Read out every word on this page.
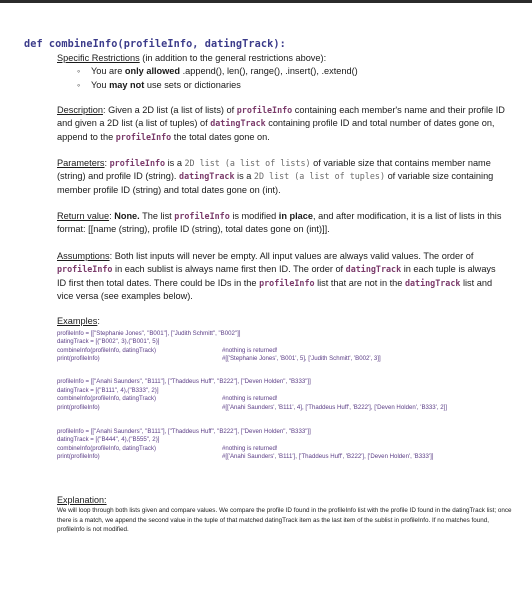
def combineInfo(profileInfo, datingTrack):
Specific Restrictions (in addition to the general restrictions above):
◦ You are only allowed .append(), len(), range(), .insert(), .extend()
◦ You may not use sets or dictionaries
Description: Given a 2D list (a list of lists) of profileInfo containing each member's name and their profile ID and given a 2D list (a list of tuples) of datingTrack containing profile ID and total number of dates gone on, append to the profileInfo the total dates gone on.
Parameters: profileInfo is a 2D list (a list of lists) of variable size that contains member name (string) and profile ID (string). datingTrack is a 2D list (a list of tuples) of variable size containing member profile ID (string) and total dates gone on (int).
Return value: None. The list profileInfo is modified in place, and after modification, it is a list of lists in this format: [[name (string), profile ID (string), total dates gone on (int)]].
Assumptions: Both list inputs will never be empty. All input values are always valid values. The order of profileInfo in each sublist is always name first then ID. The order of datingTrack in each tuple is always ID first then total dates. There could be IDs in the profileInfo list that are not in the datingTrack list and vice versa (see examples below).
Examples:
profileInfo = [["Stephanie Jones", "B001"], ["Judith Schmitt", "B002"]]
datingTrack = [("B002", 3),("B001", 5)]
combineInfo(profileInfo, datingTrack)
print(profileInfo)
#nothing is returned!
#[['Stephanie Jones', 'B001', 5], ['Judith Schmitt', 'B002', 3]]
profileInfo = [["Anahi Saunders", "B111"], ["Thaddeus Huff", "B222"], ["Deven Holden", "B333"]]
datingTrack = [("B111", 4),("B333", 2)]
combineInfo(profileInfo, datingTrack)
print(profileInfo)
#nothing is returned!
#[['Anahi Saunders', 'B111', 4], ['Thaddeus Huff', 'B222'], ['Deven Holden', 'B333', 2]]
profileInfo = [["Anahi Saunders", "B111"], ["Thaddeus Huff", "B222"], ["Deven Holden", "B333"]]
datingTrack = [("B444", 4),("B555", 2)]
combineInfo(profileInfo, datingTrack)
print(profileInfo)
#nothing is returned!
#[['Anahi Saunders', 'B111'], ['Thaddeus Huff', 'B222'], ['Deven Holden', 'B333']]
Explanation:
We will loop through both lists given and compare values. We compare the profile ID found in the profileInfo list with the profile ID found in the datingTrack list; once there is a match, we append the second value in the tuple of that matched datingTrack item as the last item of the sublist in profileInfo. If no matches found, profileInfo is not modified.
